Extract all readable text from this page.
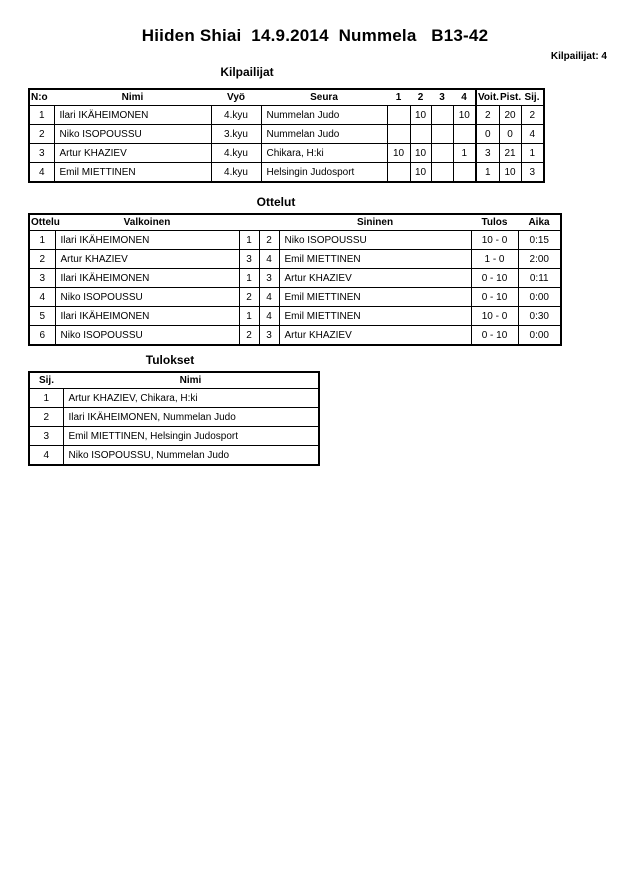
Hiiden Shiai  14.9.2014  Nummela   B13-42
Kilpailijat: 4
Kilpailijat
N:o	Nimi	Vyö	Seura	1	2	3	4	Voit.	Pist.	Sij.
1	Ilari IKÄHEIMONEN	4.kyu	Nummelan Judo		10		10	2	20	2
2	Niko ISOPOUSSU	3.kyu	Nummelan Judo					0	0	4
3	Artur KHAZIEV	4.kyu	Chikara, H:ki	10	10		1	3	21	1
4	Emil MIETTINEN	4.kyu	Helsingin Judosport		10			1	10	3
Ottelut
Ottelu	Valkoinen			Sininen	Tulos	Aika
1	Ilari IKÄHEIMONEN	1	2	Niko ISOPOUSSU	10 - 0	0:15
2	Artur KHAZIEV	3	4	Emil MIETTINEN	1 - 0	2:00
3	Ilari IKÄHEIMONEN	1	3	Artur KHAZIEV	0 - 10	0:11
4	Niko ISOPOUSSU	2	4	Emil MIETTINEN	0 - 10	0:00
5	Ilari IKÄHEIMONEN	1	4	Emil MIETTINEN	10 - 0	0:30
6	Niko ISOPOUSSU	2	3	Artur KHAZIEV	0 - 10	0:00
Tulokset
Sij.	Nimi
1	Artur KHAZIEV, Chikara, H:ki
2	Ilari IKÄHEIMONEN, Nummelan Judo
3	Emil MIETTINEN, Helsingin Judosport
4	Niko ISOPOUSSU, Nummelan Judo
